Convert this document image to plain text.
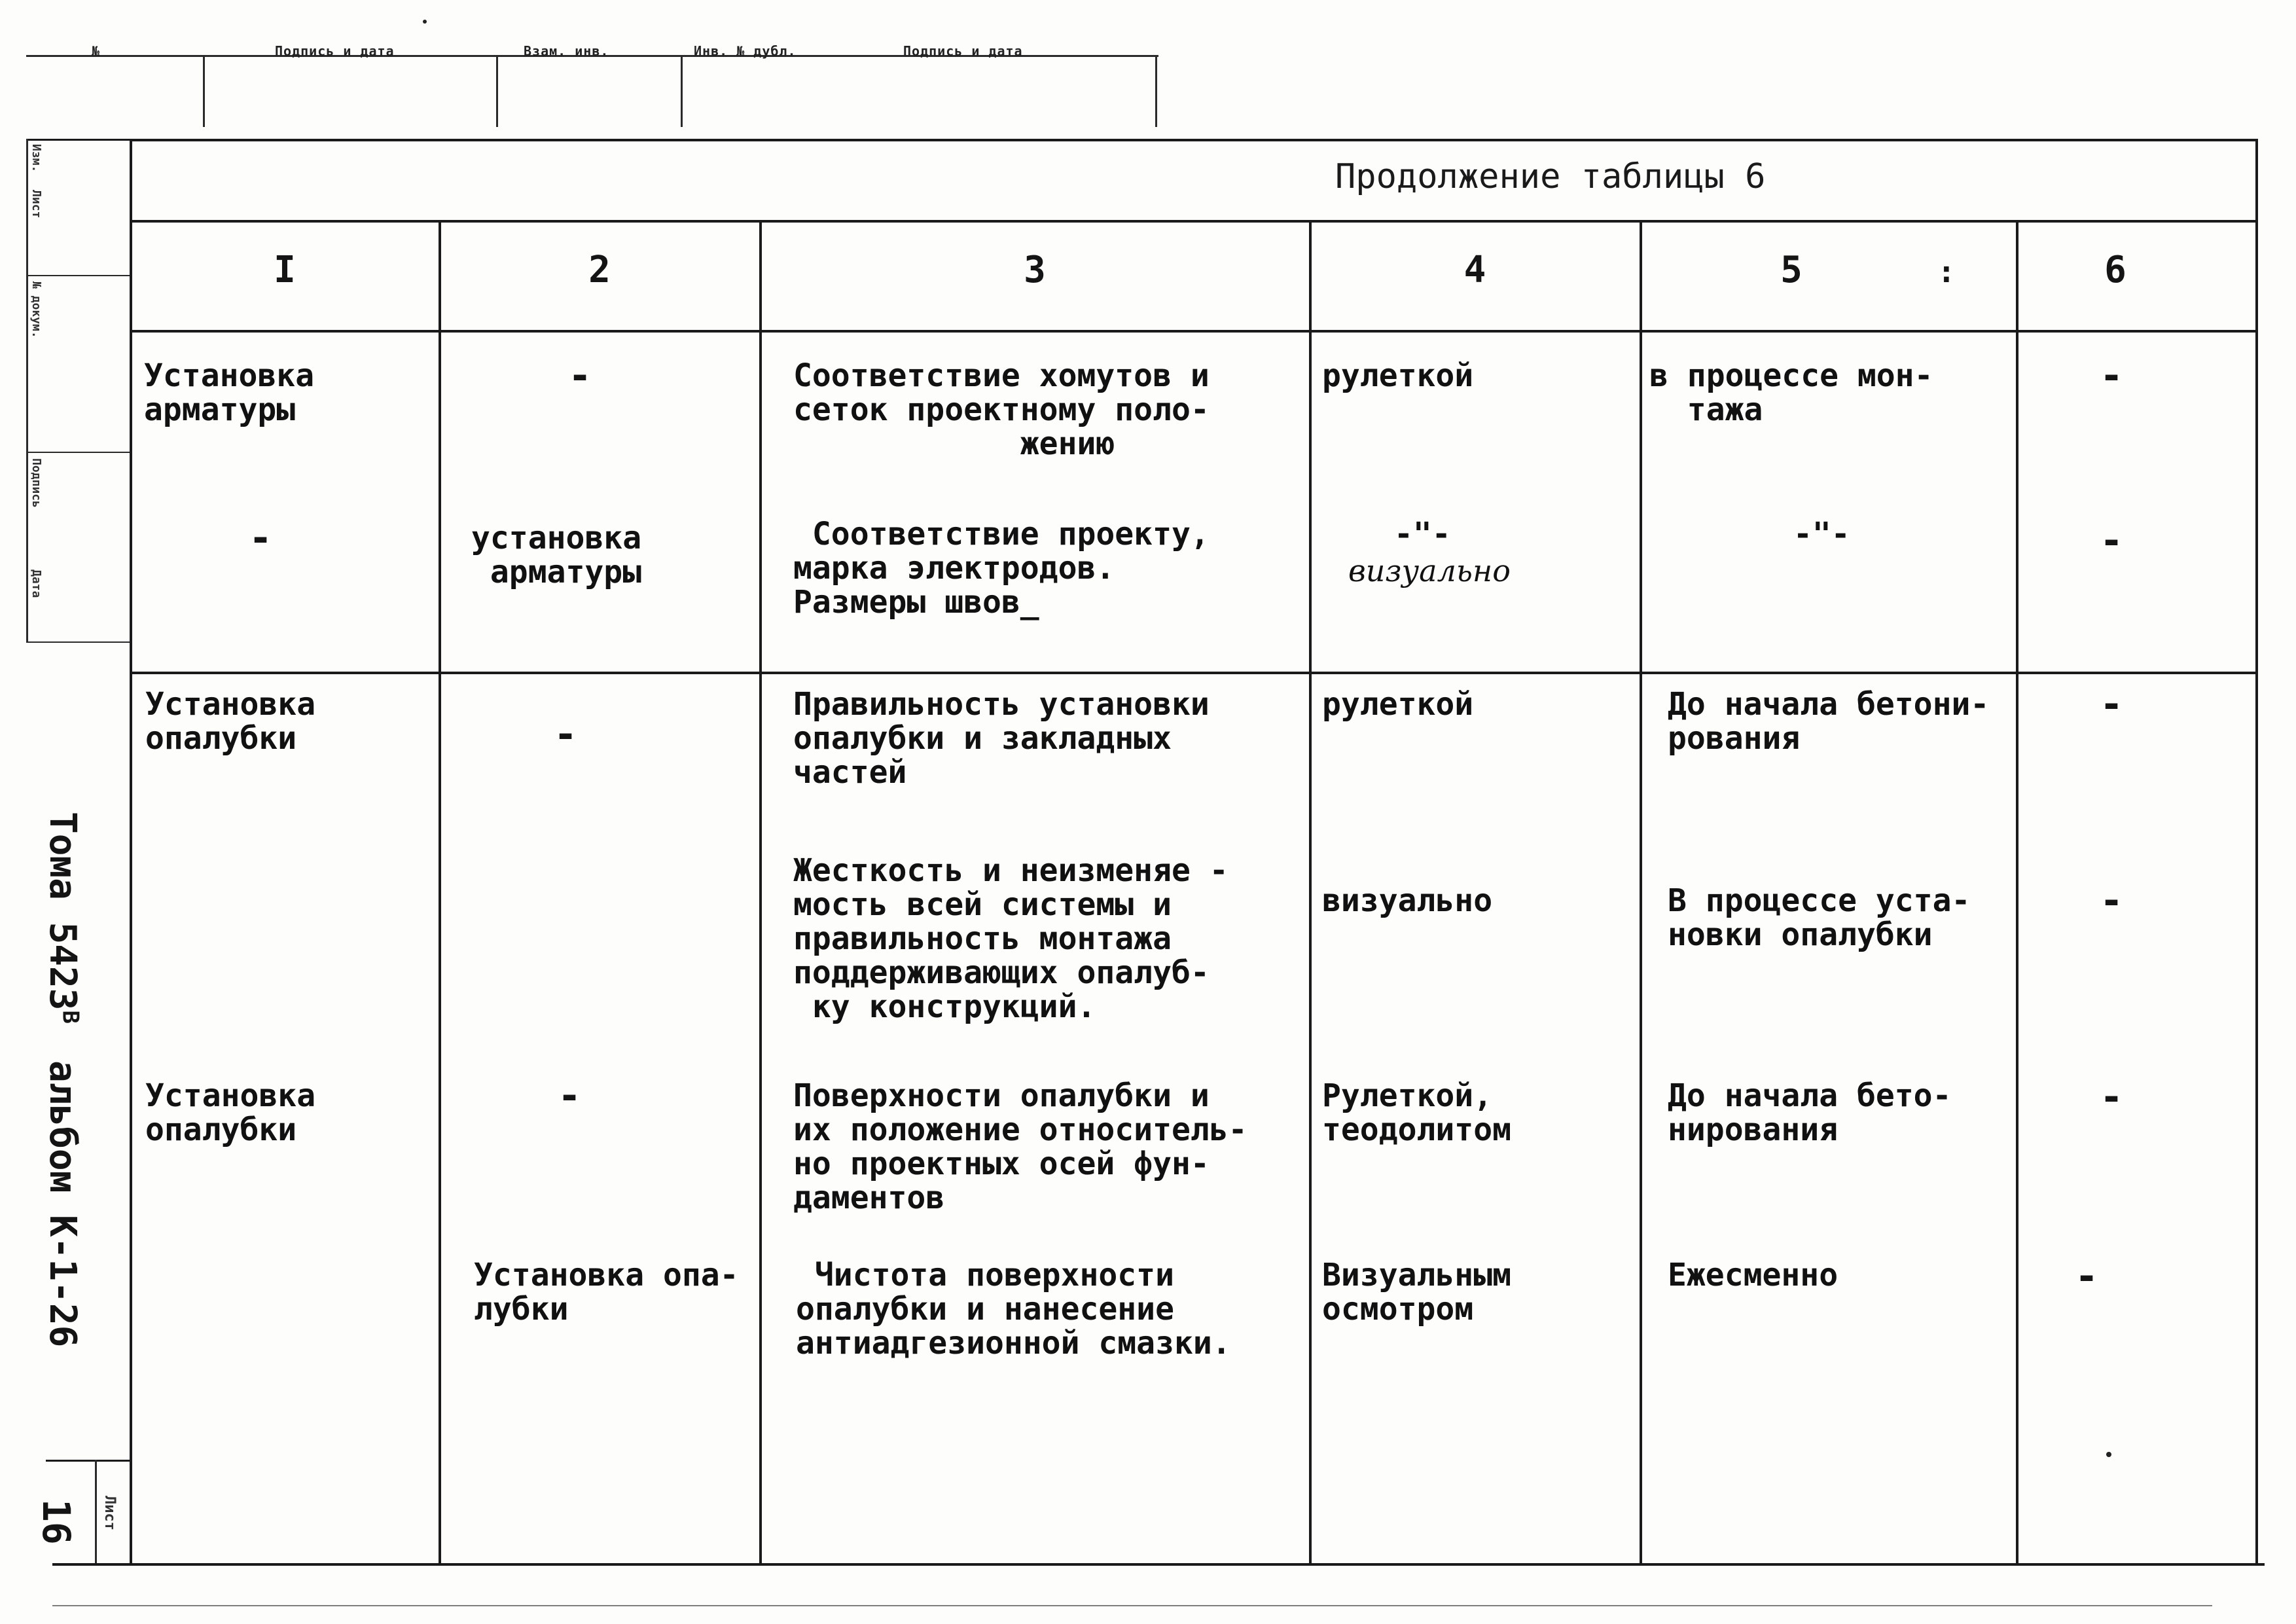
№	Подпись и дата	Взам. инв.	Инв. № дубл.	Подпись и дата
Изм.
Лист
№ докум.
Подпись
Дата
Тома $5423^В$
альбом К-1-26
Лист
16
Продолжение таблицы 6
I	2	3	4	5	6
:
Установка
арматуры
-	Соответствие хомутов и
сеток проектному поло-
жению
рулеткой	в процессе мон-
тажа
-
-	установка
арматуры
Соответствие проекту,
марка электродов.
Размеры швов_
-"-
визуально
-"-	-
Установка
опалубки	-
Правильность установки
опалубки и закладных
частей
рулеткой	До начала бетони-
рования
-
Жесткость и неизменяе -
мость всей системы и
правильность монтажа
поддерживающих опалуб-
ку конструкций.
визуально	В процессе уста-
новки опалубки
-
Установка
опалубки
-	Поверхности опалубки и
их положение относитель-
но проектных осей фун-
даментов
Рулеткой,
теодолитом
До начала бето-
нирования
-
Установка опа-
лубки
Чистота поверхности
опалубки и нанесение
антиадгезионной смазки.
Визуальным
осмотром
Ежесменно	-
